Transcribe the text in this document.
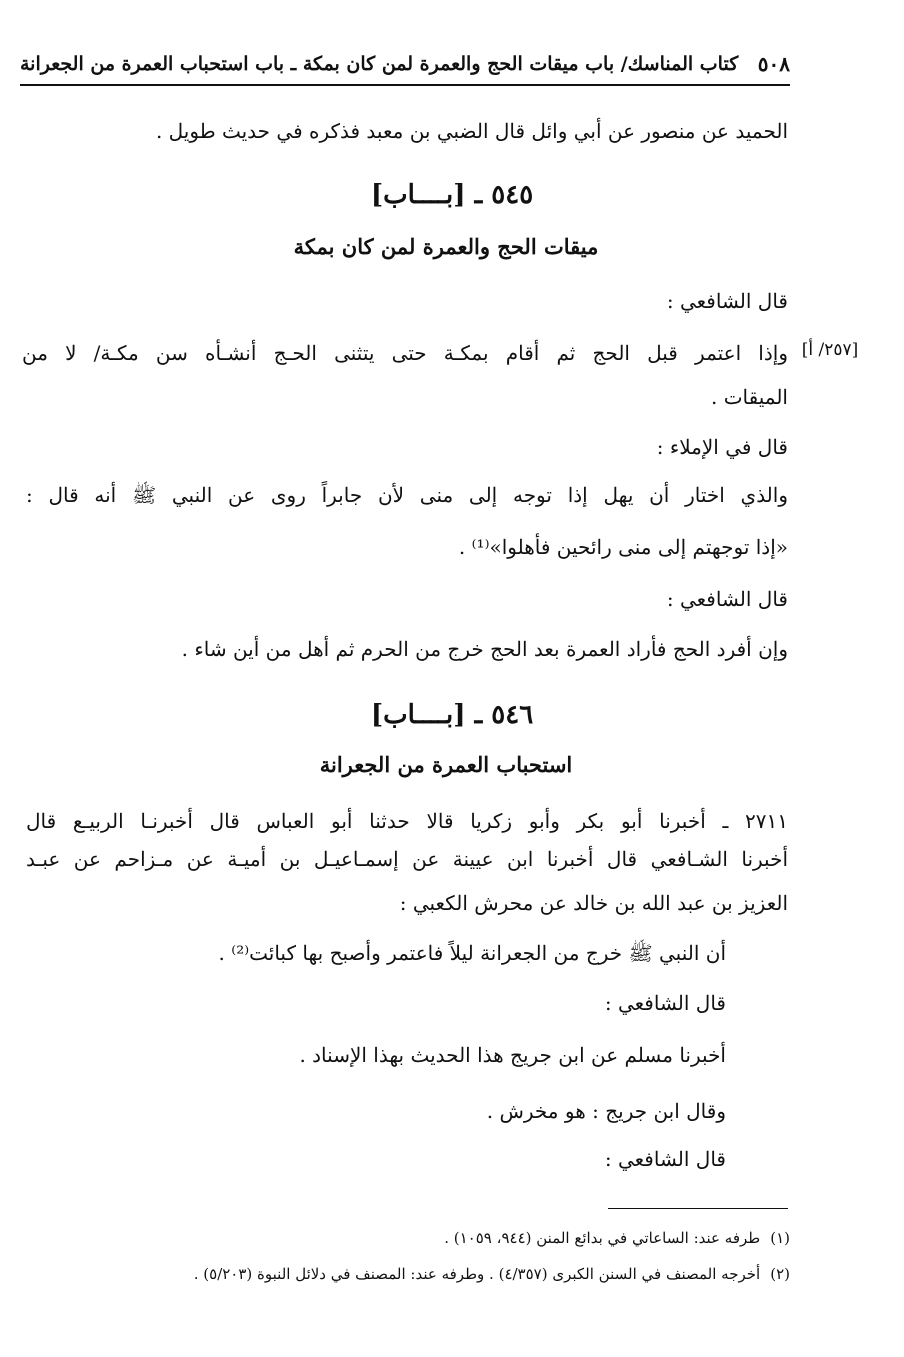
٥٠٨
كتاب المناسك/ باب ميقات الحج والعمرة لمن كان بمكة ـ باب استحباب العمرة من الجعرانة
الحميد عن منصور عن أبي وائل قال الضبي بن معبد فذكره في حديث طويل .
٥٤٥ ـ [بــــاب]
ميقات الحج والعمرة لمن كان بمكة
قال الشافعي :
[٢٥٧/ أ]
وإذا اعتمر قبل الحج ثم أقام بمكـة حتى يتثنى الحـج أنشـأه سن مكـة/ لا من
الميقات .
قال في الإملاء :
والذي اختار أن يهل إذا توجه إلى منى لأن جابراً روى عن النبي ﷺ أنه قال :
«إذا توجهتم إلى منى رائحين فأهلوا»⁽¹⁾ .
قال الشافعي :
وإن أفرد الحج فأراد العمرة بعد الحج خرج من الحرم ثم أهل من أين شاء .
٥٤٦ ـ [بــــاب]
استحباب العمرة من الجعرانة
٢٧١١ ـ أخبرنا أبو بكر وأبو زكريا قالا حدثنا أبو العباس قال أخبرنـا الربيـع قال
أخبرنا الشـافعي قال أخبرنا ابن عيينة عن إسمـاعيـل بن أميـة عن مـزاحم عن عبـد
العزيز بن عبد الله بن خالد عن محرش الكعبي :
أن النبي ﷺ خرج من الجعرانة ليلاً فاعتمر وأصبح بها كبائت⁽²⁾ .
قال الشافعي :
أخبرنا مسلم عن ابن جريج هذا الحديث بهذا الإسناد .
وقال ابن جريج : هو مخرش .
قال الشافعي :
(١)طرفه عند: الساعاتي في بدائع المنن (٩٤٤، ١٠٥٩) .
(٢)أخرجه المصنف في السنن الكبرى (٤/٣٥٧) . وطرفه عند: المصنف في دلائل النبوة (٥/٢٠٣) .
